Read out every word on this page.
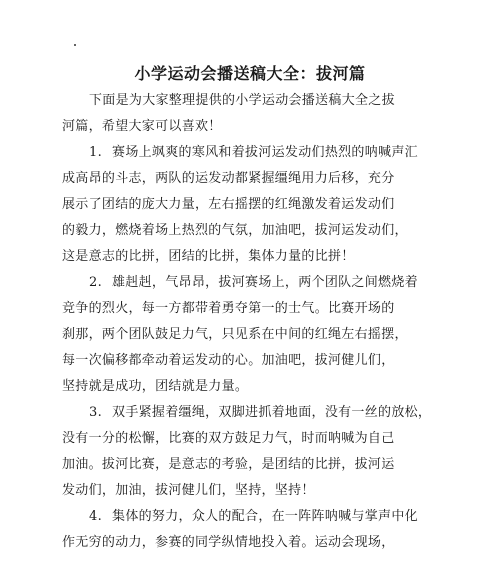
小学运动会播送稿大全：拔河篇
下面是为大家整理提供的小学运动会播送稿大全之拔
河篇，希望大家可以喜欢！
1. 赛场上飒爽的寒风和着拔河运发动们热烈的呐喊声汇
成高昂的斗志，两队的运发动都紧握缰绳用力后移，充分
展示了团结的庞大力量，左右摇摆的红绳激发着运发动们
的毅力，燃烧着场上热烈的气氛，加油吧，拔河运发动们，
这是意志的比拼，团结的比拼，集体力量的比拼！
2. 雄赳赳，气昂昂，拔河赛场上，两个团队之间燃烧着
竞争的烈火，每一方都带着勇夺第一的士气。比赛开场的
刹那，两个团队鼓足力气，只见系在中间的红绳左右摇摆，
每一次偏移都牵动着运发动的心。加油吧，拔河健儿们，
坚持就是成功，团结就是力量。
3. 双手紧握着缰绳，双脚进抓着地面，没有一丝的放松，
没有一分的松懈，比赛的双方鼓足力气，时而呐喊为自己
加油。拔河比赛，是意志的考验，是团结的比拼，拔河运
发动们，加油，拔河健儿们，坚持，坚持！
4. 集体的努力，众人的配合，在一阵阵呐喊与掌声中化
作无穷的动力，参赛的同学纵情地投入着。运动会现场，
